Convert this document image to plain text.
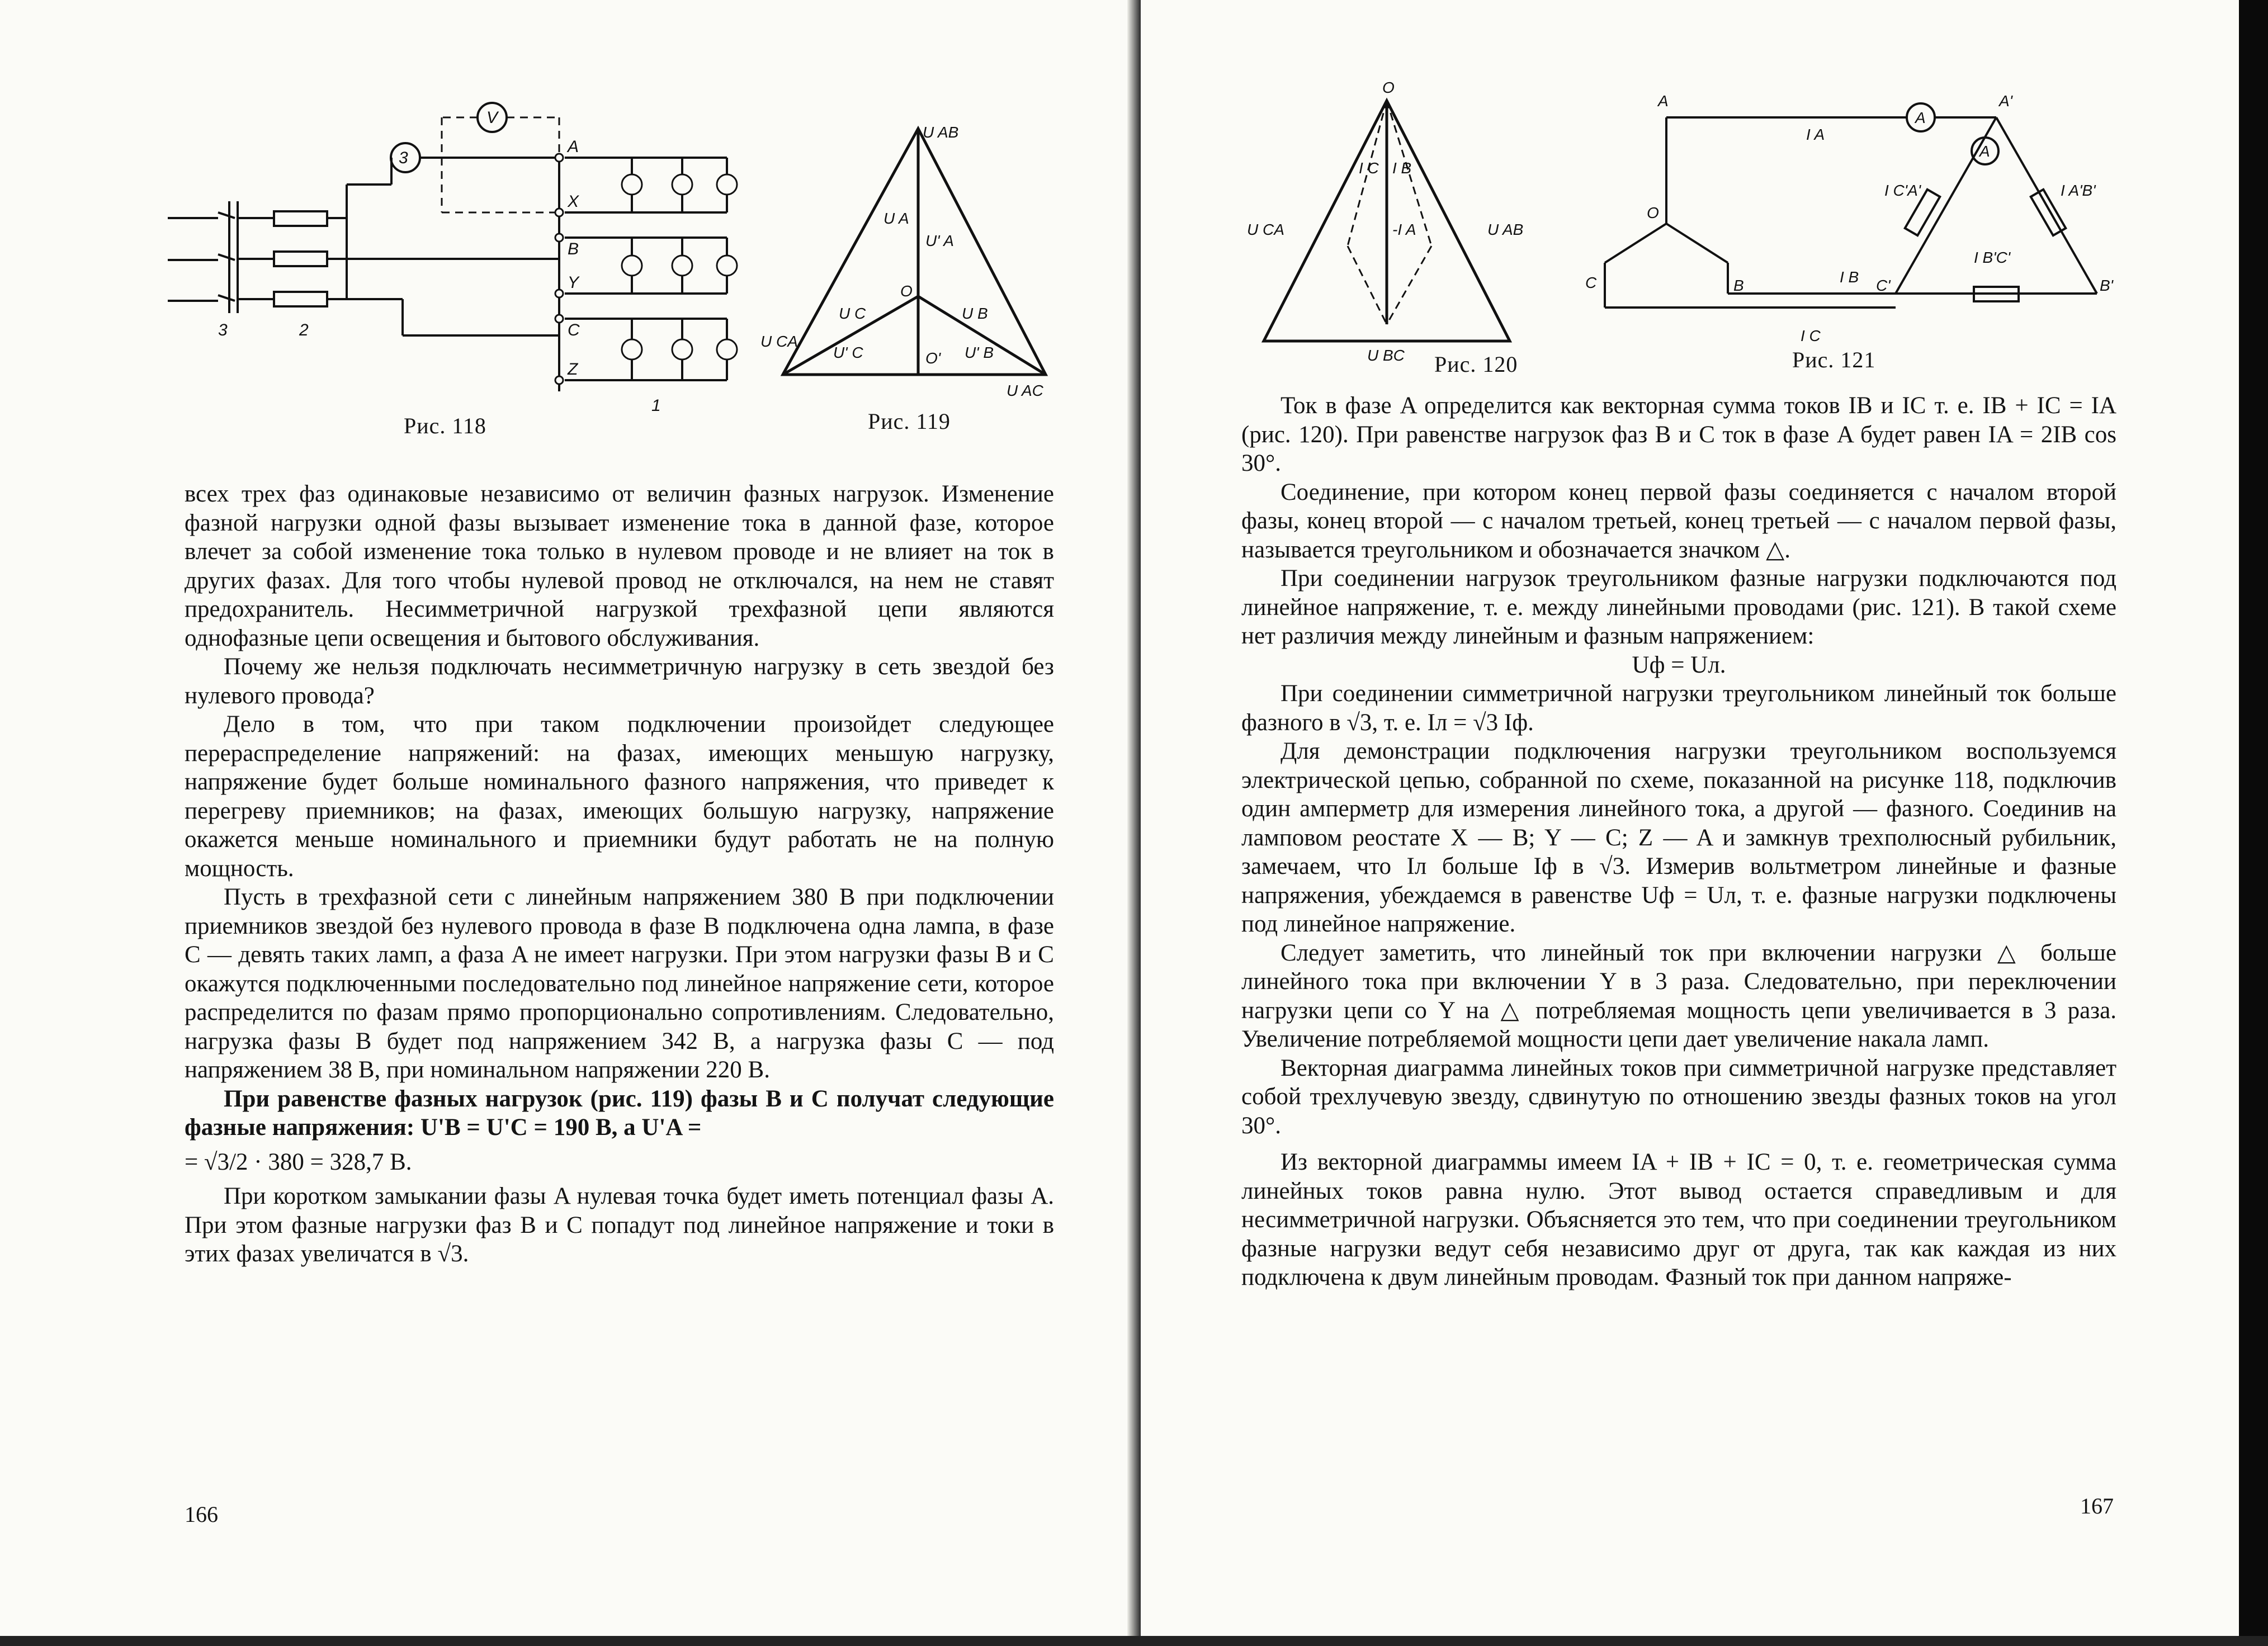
3
V
A
X
B
Y
C
Z
3	2
1
Рис. 118
U AB
U A
U' A
U C
U' C
U B
U' B
O
O'
U CA
U AC
Рис. 119

всех трех фаз одинаковые независимо от величин фазных нагрузок. Изменение фазной нагрузки одной фазы вызывает изменение тока в данной фазе, которое влечет за собой изменение тока только в нулевом проводе и не влияет на ток в других фазах. Для того чтобы нулевой провод не отключался, на нем не ставят предохранитель. Несимметричной нагрузкой трехфазной цепи являются однофазные цепи освещения и бытового обслуживания.

Почему же нельзя подключать несимметричную нагрузку в сеть звездой без нулевого провода?

Дело в том, что при таком подключении произойдет следующее перераспределение напряжений: на фазах, имеющих меньшую нагрузку, напряжение будет больше номинального фазного напряжения, что приведет к перегреву приемников; на фазах, имеющих большую нагрузку, напряжение окажется меньше номинального и приемники будут работать не на полную мощность.

Пусть в трехфазной сети с линейным напряжением 380 В при подключении приемников звездой без нулевого провода в фазе B подключена одна лампа, в фазе C — девять таких ламп, а фаза A не имеет нагрузки. При этом нагрузки фазы B и C окажутся подключенными последовательно под линейное напряжение сети, которое распределится по фазам прямо пропорционально сопротивлениям. Следовательно, нагрузка фазы B будет под напряжением 342 В, а нагрузка фазы C — под напряжением 38 В, при номинальном напряжении 220 В.

При равенстве фазных нагрузок (рис. 119) фазы B и C получат следующие фазные напряжения: U'B = U'C = 190 В, а U'A =

= √3/2 · 380 = 328,7 В.

При коротком замыкании фазы A нулевая точка будет иметь потенциал фазы A. При этом фазные нагрузки фаз B и C попадут под линейное напряжение и токи в этих фазах увеличатся в √3.

166
O
I C I B
-I A
U CA	U AB
U BC Рис. 120
A	A'
O
B	B'
C	C'
I A
I B
I C
I C'A'	I A'B'
I B'C'
A
A
Рис. 121

Ток в фазе A определится как векторная сумма токов IB и IC т. е. IB + IC = IA (рис. 120). При равенстве нагрузок фаз B и C ток в фазе A будет равен IA = 2IB cos 30°.

Соединение, при котором конец первой фазы соединяется с началом второй фазы, конец второй — с началом третьей, конец третьей — с началом первой фазы, называется треугольником и обозначается значком △.

При соединении нагрузок треугольником фазные нагрузки подключаются под линейное напряжение, т. е. между линейными проводами (рис. 121). В такой схеме нет различия между линейным и фазным напряжением:

Uф = Uл.

При соединении симметричной нагрузки треугольником линейный ток больше фазного в √3, т. е. Iл = √3 Iф.

Для демонстрации подключения нагрузки треугольником воспользуемся электрической цепью, собранной по схеме, показанной на рисунке 118, подключив один амперметр для измерения линейного тока, а другой — фазного. Соединив на ламповом реостате X — B; Y — C; Z — A и замкнув трехполюсный рубильник, замечаем, что Iл больше Iф в √3. Измерив вольтметром линейные и фазные напряжения, убеждаемся в равенстве Uф = Uл, т. е. фазные нагрузки подключены под линейное напряжение.

Следует заметить, что линейный ток при включении нагрузки △ больше линейного тока при включении Y в 3 раза. Следовательно, при переключении нагрузки цепи со Y на △ потребляемая мощность цепи увеличивается в 3 раза. Увеличение потребляемой мощности цепи дает увеличение накала ламп.

Векторная диаграмма линейных токов при симметричной нагрузке представляет собой трехлучевую звезду, сдвинутую по отношению звезды фазных токов на угол 30°.

Из векторной диаграммы имеем IA + IB + IC = 0, т. е. геометрическая сумма линейных токов равна нулю. Этот вывод остается справедливым и для несимметричной нагрузки. Объясняется это тем, что при соединении треугольником фазные нагрузки ведут себя независимо друг от друга, так как каждая из них подключена к двум линейным проводам. Фазный ток при данном напряже-

167
